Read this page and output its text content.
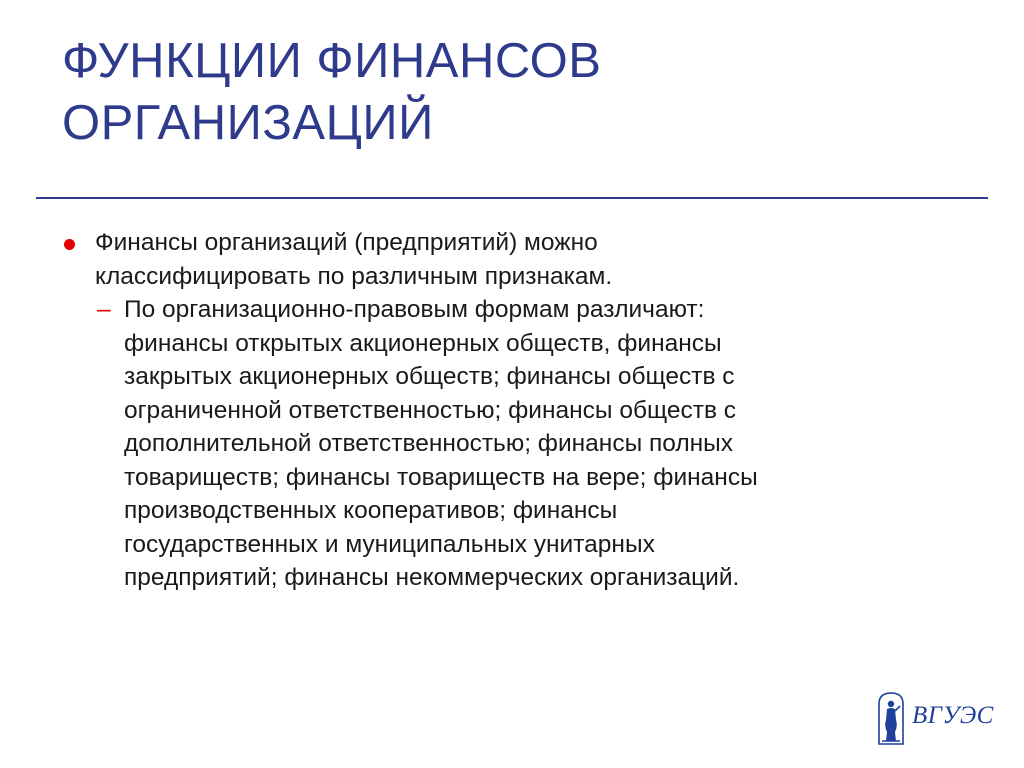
ФУНКЦИИ ФИНАНСОВ
ОРГАНИЗАЦИЙ
Финансы организаций (предприятий) можно
классифицировать по различным признакам.
– По организационно-правовым формам различают:
финансы открытых акционерных обществ, финансы
закрытых акционерных обществ; финансы обществ с
ограниченной ответственностью; финансы обществ с
дополнительной ответственностью; финансы полных
товариществ; финансы товариществ на вере; финансы
производственных кооперативов; финансы
государственных и муниципальных унитарных
предприятий; финансы некоммерческих организаций.
ВГУЭС
